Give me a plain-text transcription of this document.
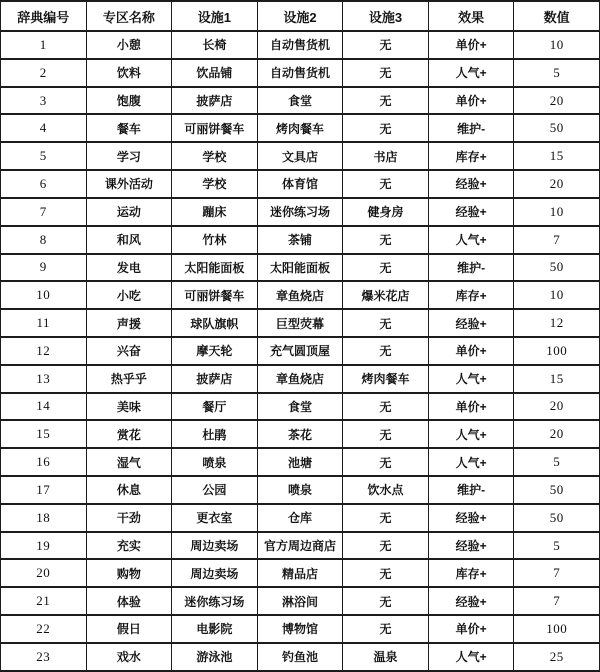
辞典编号	专区名称	设施1	设施2	设施3	效果	数值
1	小憩	长椅	自动售货机	无	单价+	10
2	饮料	饮品铺	自动售货机	无	人气+	5
3	饱腹	披萨店	食堂	无	单价+	20
4	餐车	可丽饼餐车	烤肉餐车	无	维护-	50
5	学习	学校	文具店	书店	库存+	15
6	课外活动	学校	体育馆	无	经验+	20
7	运动	蹦床	迷你练习场	健身房	经验+	10
8	和风	竹林	茶铺	无	人气+	7
9	发电	太阳能面板	太阳能面板	无	维护-	50
10	小吃	可丽饼餐车	章鱼烧店	爆米花店	库存+	10
11	声援	球队旗帜	巨型荧幕	无	经验+	12
12	兴奋	摩天轮	充气圆顶屋	无	单价+	100
13	热乎乎	披萨店	章鱼烧店	烤肉餐车	人气+	15
14	美味	餐厅	食堂	无	单价+	20
15	赏花	杜鹃	茶花	无	人气+	20
16	湿气	喷泉	池塘	无	人气+	5
17	休息	公园	喷泉	饮水点	维护-	50
18	干劲	更衣室	仓库	无	经验+	50
19	充实	周边卖场	官方周边商店	无	经验+	5
20	购物	周边卖场	精品店	无	库存+	7
21	体验	迷你练习场	淋浴间	无	经验+	7
22	假日	电影院	博物馆	无	单价+	100
23	戏水	游泳池	钓鱼池	温泉	人气+	25
